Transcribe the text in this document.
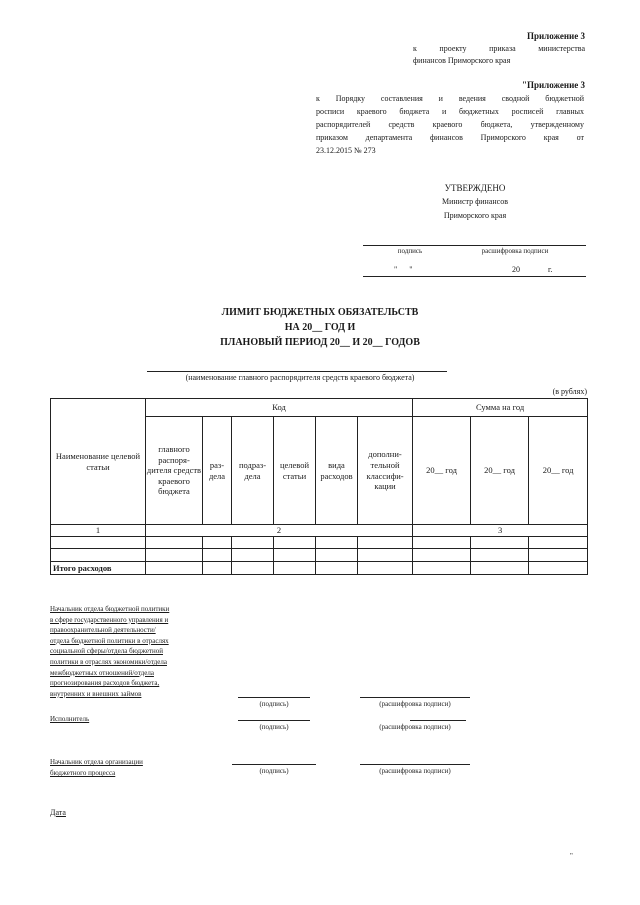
Приложение 3
к проекту приказа министерства
финансов Приморского края
"Приложение 3
к Порядку составления и ведения сводной бюджетной
росписи краевого бюджета и бюджетных росписей главных
распорядителей средств краевого бюджета, утвержденному
приказом департамента финансов Приморского края от
23.12.2015 № 273
УТВЕРЖДЕНО
Министр финансов
Приморского края
подпись	расшифровка подписи
"      "	20	г.
ЛИМИТ БЮДЖЕТНЫХ ОБЯЗАТЕЛЬСТВ
НА 20__ ГОД И
ПЛАНОВЫЙ ПЕРИОД 20__ И 20__ ГОДОВ
(наименование главного распорядителя средств краевого бюджета)
(в рублях)
Наименование целевой статьи	Код						Сумма на год		
	главного распоря- дителя средств краевого бюджета	раз- дела	подраз- дела	целевой статьи	вида расходов	дополни- тельной классифи- кации	20__ год	20__ год	20__ год
1	2						3		

Итого расходов									
Начальник отдела бюджетной политики
в сфере государственного управления и
правоохранительной деятельности/
отдела бюджетной политики в отраслях
социальной сферы/отдела бюджетной
политики в отраслях экономики/отдела
межбюджетных отношений/отдела
прогнозирования расходов бюджета,
внутренних и внешних займов
(подпись)	(расшифровка подписи)
Исполнитель
(подпись)	(расшифровка подписи)
Начальник отдела организации
бюджетного процесса	(подпись)	(расшифровка подписи)
Дата
"
